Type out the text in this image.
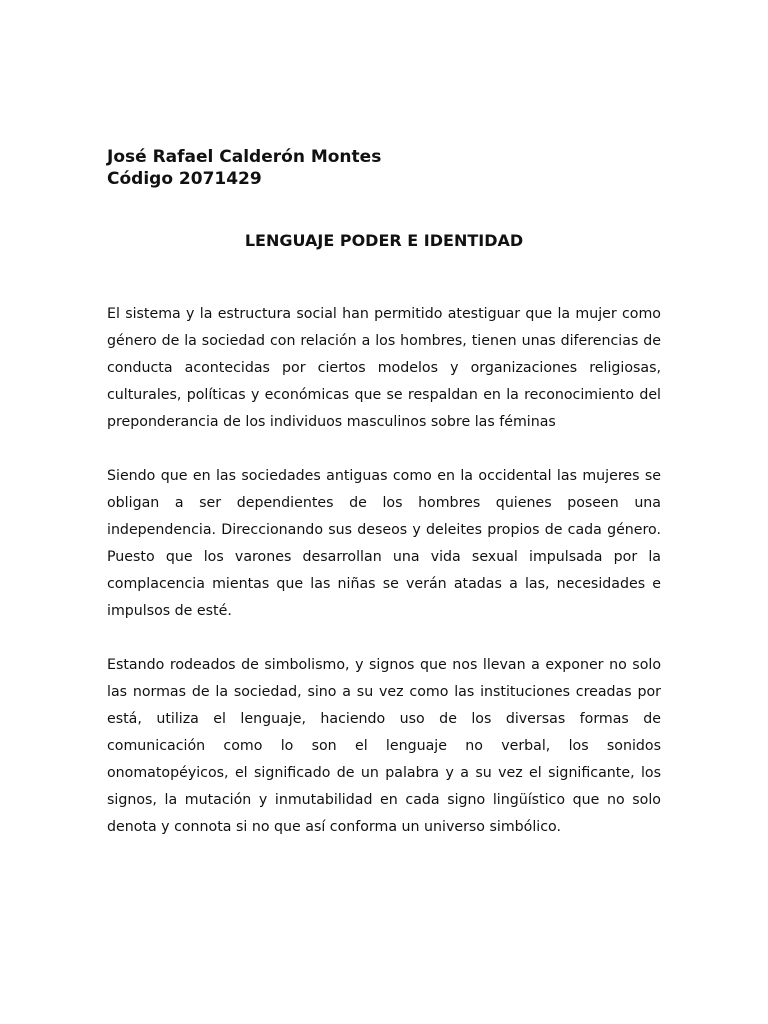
José Rafael Calderón Montes
Código 2071429
LENGUAJE PODER E IDENTIDAD

El sistema y la estructura social han permitido atestiguar que la mujer como género de la sociedad con relación a los hombres, tienen unas diferencias de conducta acontecidas por ciertos modelos y organizaciones religiosas, culturales, políticas y económicas que se respaldan en la reconocimiento del preponderancia de los individuos masculinos sobre las féminas

Siendo que en las sociedades antiguas como en la occidental las mujeres se obligan a ser dependientes de los hombres quienes poseen una independencia. Direccionando sus deseos y deleites propios de cada género. Puesto que los varones desarrollan una vida sexual impulsada por la complacencia mientas que las niñas se verán atadas a las, necesidades e impulsos de esté.

Estando rodeados de simbolismo, y signos que nos llevan a exponer no solo las normas de la sociedad, sino a su vez como las instituciones creadas por está, utiliza el lenguaje, haciendo uso de los diversas formas de comunicación como lo son el lenguaje no verbal, los sonidos onomatopéyicos, el significado de un palabra y a su vez el significante, los signos, la mutación y inmutabilidad en cada signo lingüístico que no solo denota y connota si no que así conforma un universo simbólico.
